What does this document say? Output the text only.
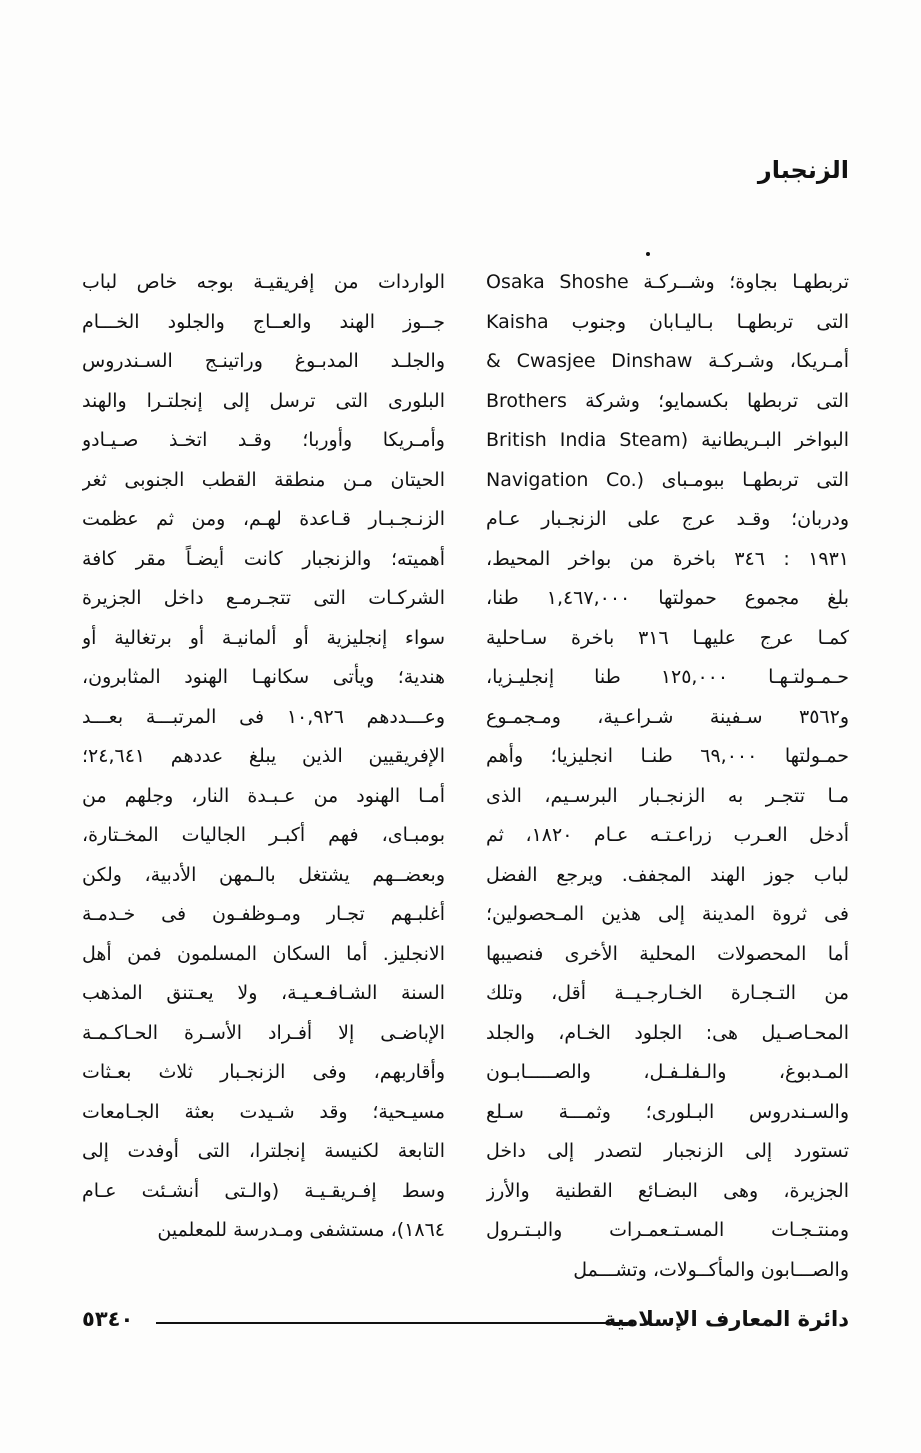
الزنجبار
تربطهـا بجاوة؛ وشــركـة Osaka Shoshe
Kaisha التى تربطهـا بـاليـابان وجنوب
أمـريكا، وشـركـة Cwasjee Dinshaw &
Brothers التى تربطها بكسمايو؛ وشركة
البواخر البـريطانية (British India Steam
Navigation Co.) التى تربطهـا ببومـباى
ودربان؛ وقـد عرج على الزنجـبار عـام
١٩٣١ : ٣٤٦ باخرة من بواخر المحيط،
بلغ مجموع حمولتها ١,٤٦٧,٠٠٠ طنا،
كمـا عرج عليهـا ٣١٦ باخرة سـاحلية
حـمـولتـهـا ١٢٥,٠٠٠ طنا إنجليـزيا،
و٣٥٦٢ سـفينة شـراعـية، ومـجمـوع
حمـولتها ٦٩,٠٠٠ طنـا انجليزيا؛ وأهم
مـا تتجـر به الزنجـبار البرسـيم، الذى
أدخل العـرب زراعـتـه عـام ١٨٢٠، ثم
لباب جوز الهند المجفف. ويرجع الفضل
فى ثروة المدينة إلى هذين المـحصولين؛
أما المحصولات المحلية الأخرى فنصيبها
من التـجـارة الخـارجـيــة أقل، وتلك
المحـاصـيل هى: الجلود الخـام، والجلد
المـدبوغ، والـفلـفـل، والصـــــابـون
والسـندروس البـلورى؛ وثمـــة سـلع
تستورد إلى الزنجبار لتصدر إلى داخل
الجزيرة، وهى البضـائع القطنية والأرز
ومنتـجـات المسـتـعمـرات والبـتـرول
والصـــابون والمأكــولات، وتشـــمل
الواردات من إفريقيـة بوجه خاص لباب
جــوز الهند والعــاج والجلود الخـــام
والجلـد المدبـوغ وراتينـج السـندروس
البلورى التى ترسل إلى إنجلتـرا والهند
وأمـريكا وأوربا؛ وقـد اتخـذ صـيـادو
الحيتان مـن منطقة القطب الجنوبى ثغر
الزنـجـبـار قـاعدة لهـم، ومن ثم عظمت
أهميته؛ والزنجبار كانت أيضـاً مقر كافة
الشركـات التى تتجـرمـع داخل الجزيرة
سواء إنجليزية أو ألمانيـة أو برتغالية أو
هندية؛ ويأتى سكانهـا الهنود المثابرون،
وعـــددهم ١٠,٩٢٦ فى المرتبـــة بعـــد
الإفريقيين الذين يبلغ عددهم ٢٤,٦٤١؛
أمـا الهنود من عـبـدة النار، وجلهم من
بومبـاى، فهم أكبـر الجاليات المخـتارة،
وبعضــهم يشتغل بالـمهن الأدبية، ولكن
أغلبـهم تجـار ومـوظفـون فى خـدمـة
الانجليز. أما السكان المسلمون فمن أهل
السنة الشـافـعـيـة، ولا يعـتنق المذهب
الإباضـى إلا أفـراد الأسـرة الحـاكـمـة
وأقاربهم، وفى الزنجـبار ثلاث بعـثات
مسيـحية؛ وقد شـيدت بعثة الجـامعات
التابعة لكنيسة إنجلترا، التى أوفدت إلى
وسط إفـريقـيـة (والـتى أنشـئت عـام
١٨٦٤)، مستشفى ومـدرسة للمعلمين
٥٣٤٠	دائرة المعارف الإسلامية
